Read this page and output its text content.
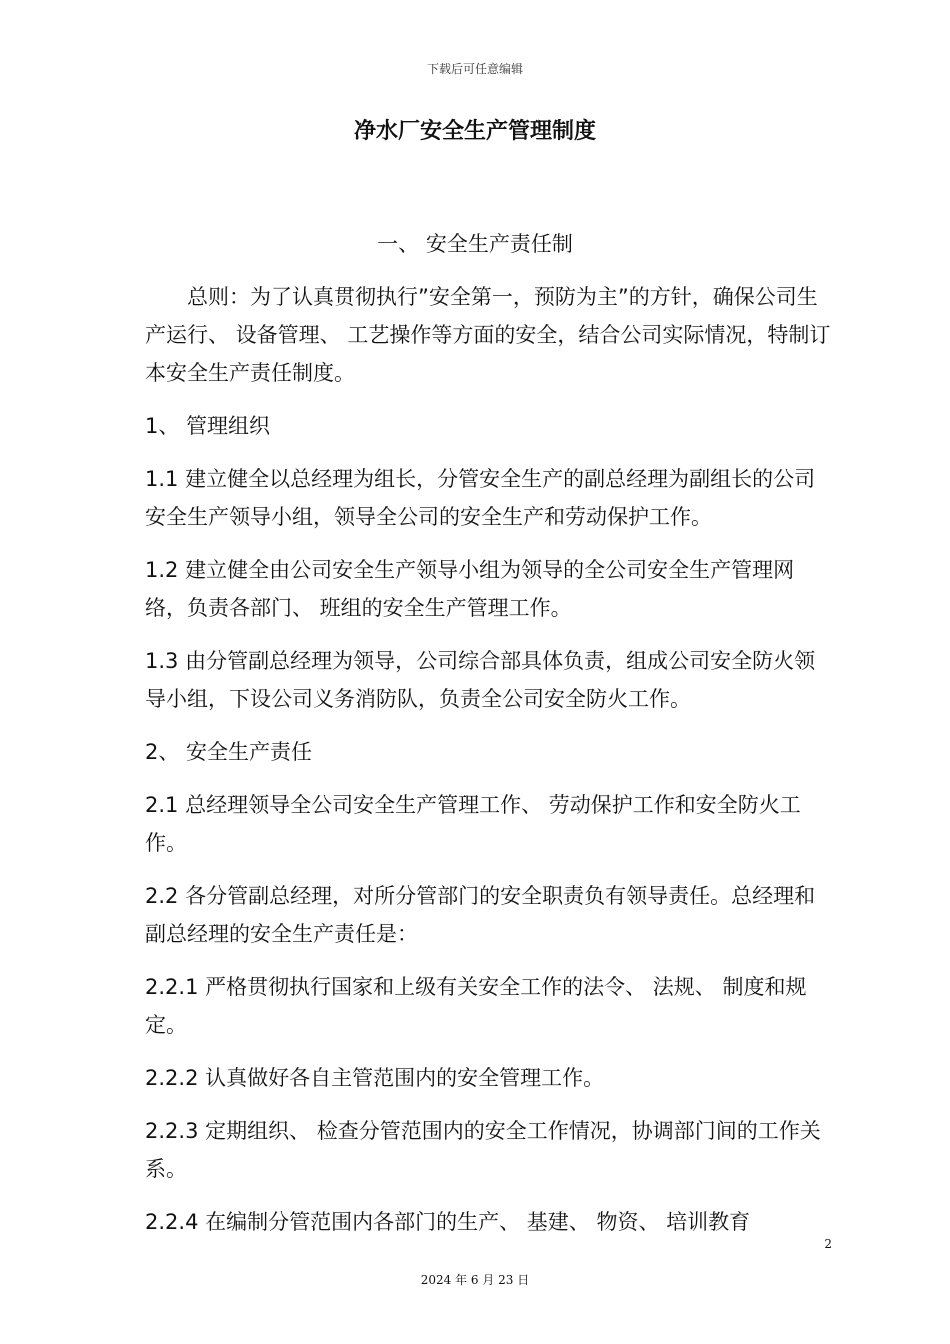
下载后可任意编辑
净水厂安全生产管理制度
一、 安全生产责任制

总则：为了认真贯彻执行”安全第一，预防为主”的方针，确保公司生产运行、 设备管理、 工艺操作等方面的安全，结合公司实际情况，特制订本安全生产责任制度。

1、 管理组织

1.1 建立健全以总经理为组长，分管安全生产的副总经理为副组长的公司安全生产领导小组，领导全公司的安全生产和劳动保护工作。

1.2 建立健全由公司安全生产领导小组为领导的全公司安全生产管理网络，负责各部门、 班组的安全生产管理工作。

1.3 由分管副总经理为领导，公司综合部具体负责，组成公司安全防火领导小组，下设公司义务消防队，负责全公司安全防火工作。

2、 安全生产责任

2.1 总经理领导全公司安全生产管理工作、 劳动保护工作和安全防火工作。

2.2 各分管副总经理，对所分管部门的安全职责负有领导责任。总经理和副总经理的安全生产责任是：

2.2.1 严格贯彻执行国家和上级有关安全工作的法令、 法规、 制度和规定。

2.2.2 认真做好各自主管范围内的安全管理工作。

2.2.3 定期组织、 检查分管范围内的安全工作情况，协调部门间的工作关系。

2.2.4 在编制分管范围内各部门的生产、 基建、 物资、 培训教育

2
2024 年 6 月 23 日
